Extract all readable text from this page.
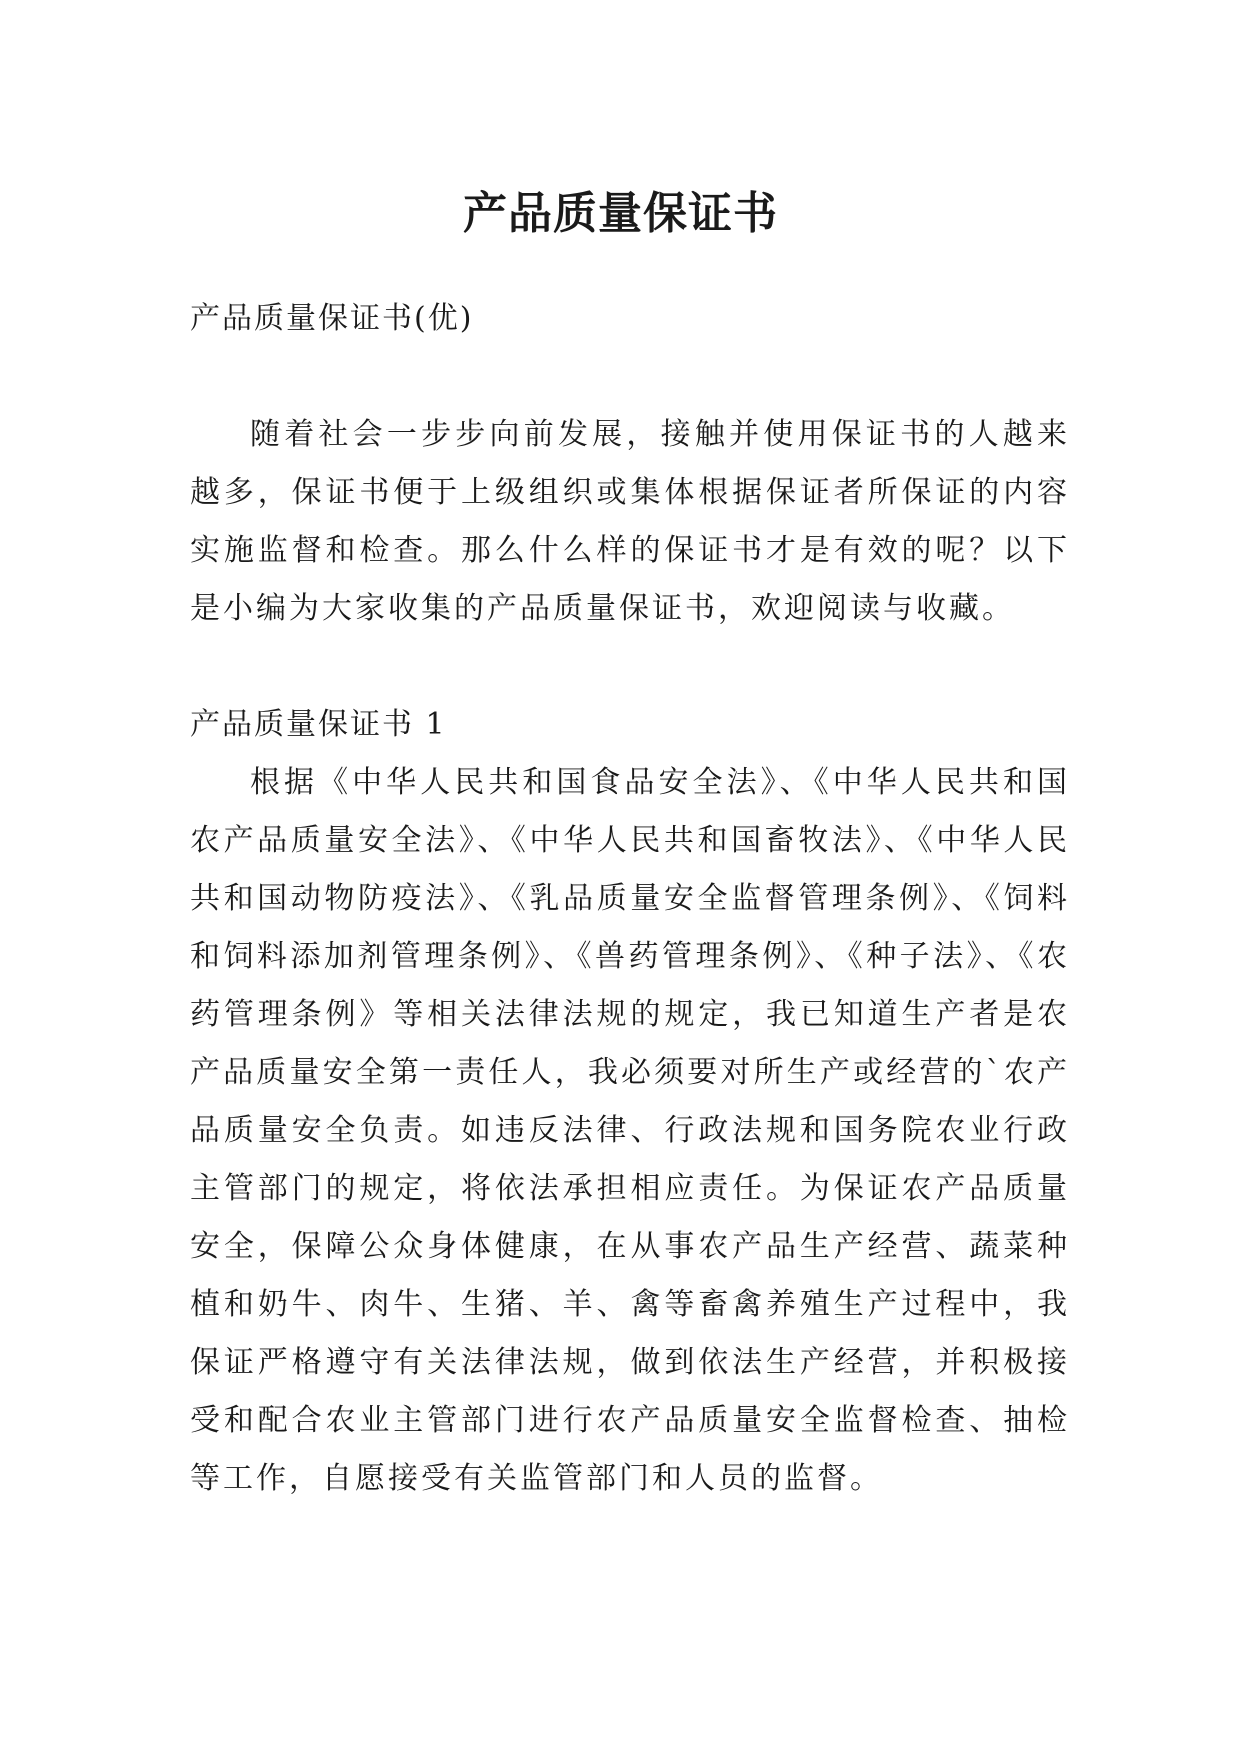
产品质量保证书

产品质量保证书(优)

随着社会一步步向前发展，接触并使用保证书的人越来越多，保证书便于上级组织或集体根据保证者所保证的内容实施监督和检查。那么什么样的保证书才是有效的呢？以下是小编为大家收集的产品质量保证书，欢迎阅读与收藏。

产品质量保证书 1

根据《中华人民共和国食品安全法》、《中华人民共和国农产品质量安全法》、《中华人民共和国畜牧法》、《中华人民共和国动物防疫法》、《乳品质量安全监督管理条例》、《饲料和饲料添加剂管理条例》、《兽药管理条例》、《种子法》、《农药管理条例》等相关法律法规的规定，我已知道生产者是农产品质量安全第一责任人，我必须要对所生产或经营的`农产品质量安全负责。如违反法律、行政法规和国务院农业行政主管部门的规定，将依法承担相应责任。为保证农产品质量安全，保障公众身体健康，在从事农产品生产经营、蔬菜种植和奶牛、肉牛、生猪、羊、禽等畜禽养殖生产过程中，我保证严格遵守有关法律法规，做到依法生产经营，并积极接受和配合农业主管部门进行农产品质量安全监督检查、抽检等工作，自愿接受有关监管部门和人员的监督。
